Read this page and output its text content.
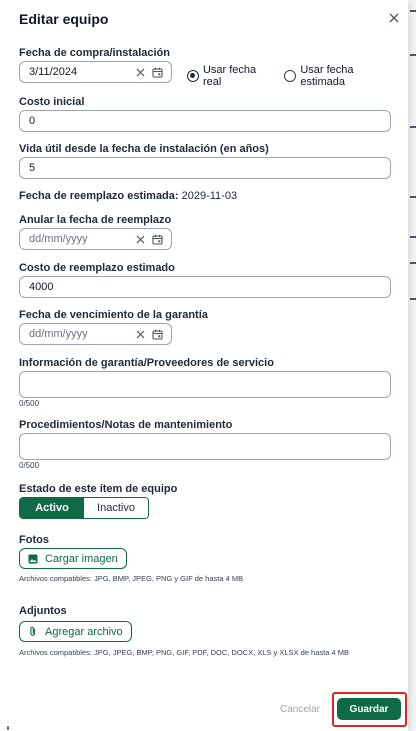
Editar equipo
Fecha de compra/instalación
3/11/2024	Usar fecha real
Usar fecha estimada
Costo inicial
0
Vida útil desde la fecha de instalación (en años)
5
Fecha de reemplazo estimada: 2029-11-03
Anular la fecha de reemplazo
dd/mm/yyyy
Costo de reemplazo estimado
4000
Fecha de vencimiento de la garantía
dd/mm/yyyy
Información de garantía/Proveedores de servicio
0/500
Procedimientos/Notas de mantenimiento
0/500
Estado de este ítem de equipo
Activo	Inactivo
Fotos
Cargar imagen
Archivos compatibles: JPG, BMP, JPEG, PNG y GIF de hasta 4 MB
Adjuntos
Agregar archivo
Archivos compatibles: JPG, JPEG, BMP, PNG, GIF, PDF, DOC, DOCX, XLS y XLSX de hasta 4 MB
Cancelar	Guardar
